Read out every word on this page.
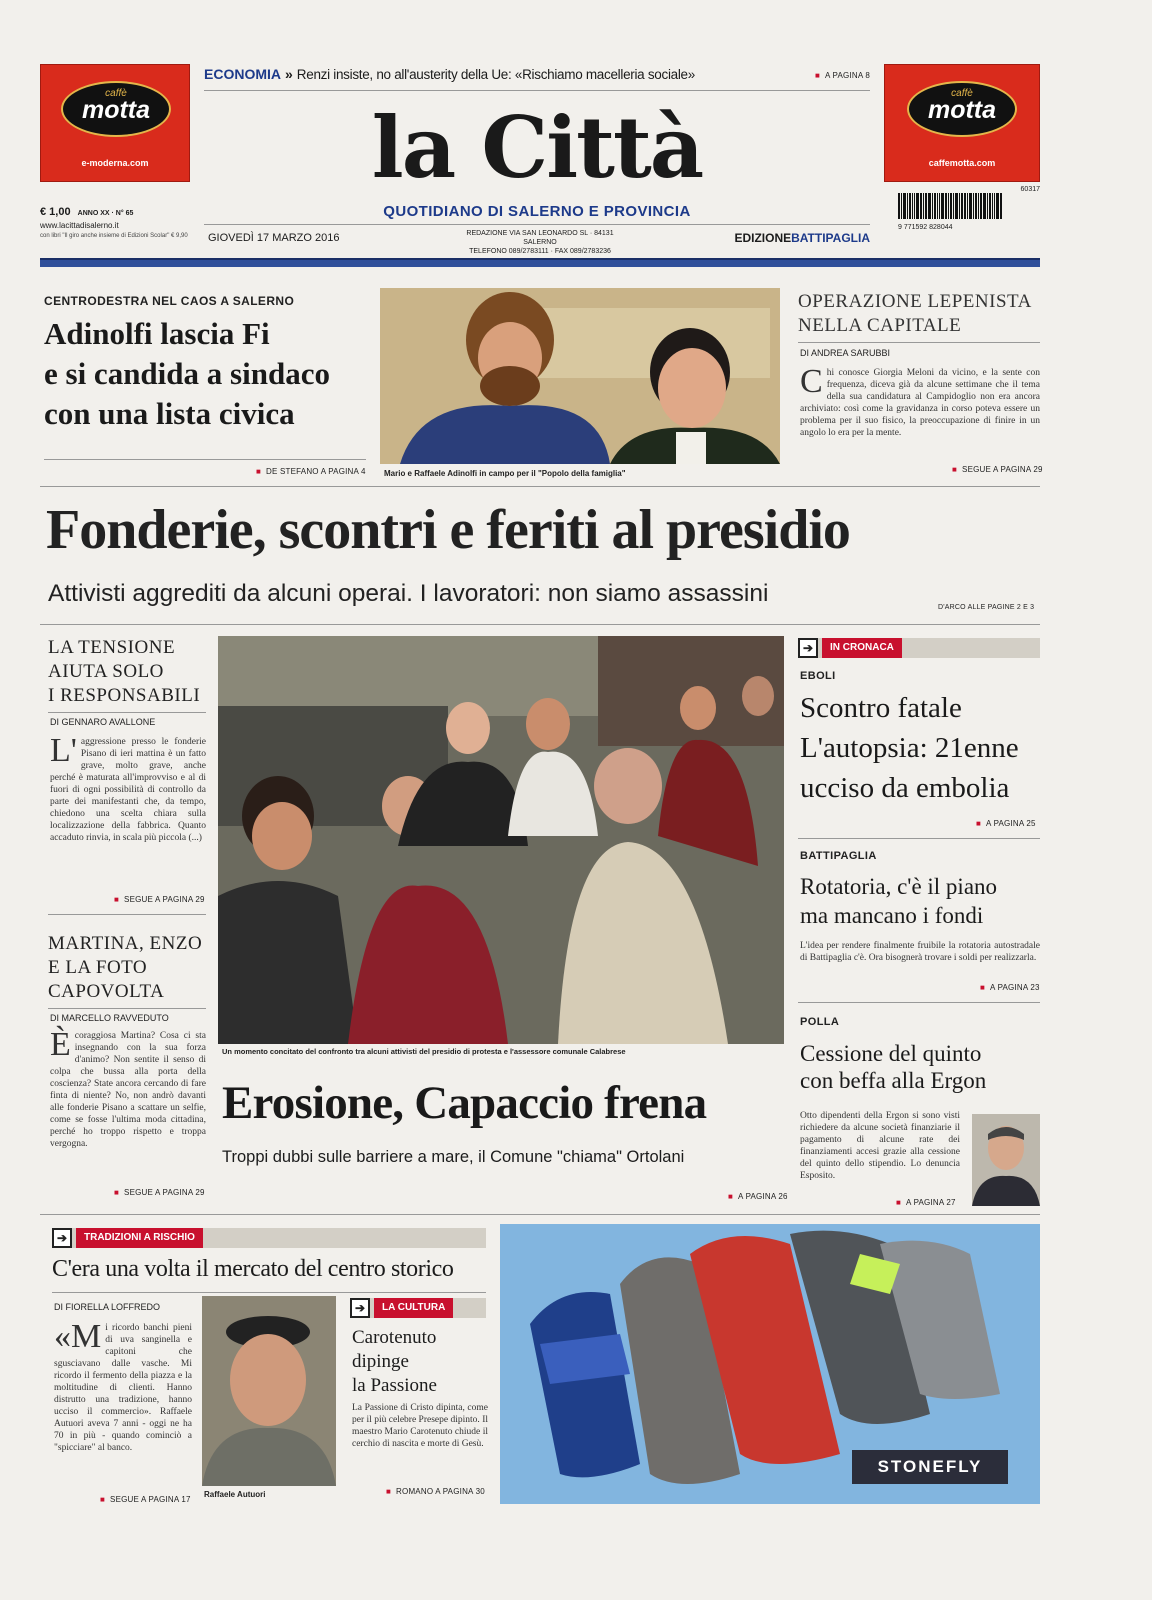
caffè
motta
e-moderna.com
€ 1,00 ANNO XX · N° 65
www.lacittadisalerno.it
con libri "Il giro anche insieme di Edizioni Scolar" € 9,90
ECONOMIA » Renzi insiste, no all'austerity della Ue: «Rischiamo macelleria sociale»
■	A PAGINA 8
la Città
QUOTIDIANO DI SALERNO E PROVINCIA
GIOVEDÌ 17 MARZO 2016	REDAZIONE VIA SAN LEONARDO SL · 84131 SALERNO
TELEFONO 089/2783111 · FAX 089/2783236
EDIZIONEBATTIPAGLIA
caffè
motta
caffemotta.com
60317
9 771592 828044
CENTRODESTRA NEL CAOS A SALERNO
Adinolfi lascia Fi
e si candida a sindaco
con una lista civica
■ DE STEFANO A PAGINA 4 Mario e Raffaele Adinolfi in campo per il "Popolo della famiglia"
OPERAZIONE LEPENISTA
NELLA CAPITALE
DI ANDREA SARUBBI
Chi conosce Giorgia Meloni da vicino, e la sente con frequenza, diceva già da alcune settimane che il tema della sua candidatura al Campidoglio non era ancora archiviato: così come la gravidanza in corso poteva essere un problema per il suo fisico, la preoccupazione di finire in un angolo lo era per la mente.
■ SEGUE A PAGINA 29
Fonderie, scontri e feriti al presidio
Attivisti aggrediti da alcuni operai. I lavoratori: non siamo assassini
D'ARCO ALLE PAGINE 2 E 3
LA TENSIONE
AIUTA SOLO
I RESPONSABILI
DI GENNARO AVALLONE
L' aggressione presso le fonderie Pisano di ieri mattina è un fatto grave, molto grave, anche perché è maturata all'improvviso e al di fuori di ogni possibilità di controllo da parte dei manifestanti che, da tempo, chiedono una scelta chiara sulla localizzazione della fabbrica. Quanto accaduto rinvia, in scala più piccola (...)
■ SEGUE A PAGINA 29
MARTINA, ENZO
E LA FOTO
CAPOVOLTA
DI MARCELLO RAVVEDUTO
Ècoraggiosa Martina? Cosa ci sta insegnando con la sua forza d'animo? Non sentite il senso di colpa che bussa alla porta della coscienza? State ancora cercando di fare finta di niente? No, non andrò davanti alle fonderie Pisano a scattare un selfie, come se fosse l'ultima moda cittadina, perché ho troppo rispetto e troppa vergogna.
■ SEGUE A PAGINA 29
Un momento concitato del confronto tra alcuni attivisti del presidio di protesta e l'assessore comunale Calabrese
Erosione, Capaccio frena
Troppi dubbi sulle barriere a mare, il Comune "chiama" Ortolani
■ A PAGINA 26
➔ IN CRONACA
EBOLI
Scontro fatale
L'autopsia: 21enne
ucciso da embolia
■ A PAGINA 25
BATTIPAGLIA
Rotatoria, c'è il piano
ma mancano i fondi
L'idea per rendere finalmente fruibile la rotatoria autostradale di Battipaglia c'è. Ora bisognerà trovare i soldi per realizzarla.
■ A PAGINA 23
POLLA
Cessione del quinto
con beffa alla Ergon
Otto dipendenti della Ergon si sono visti richiedere da alcune società finanziarie il pagamento di alcune rate dei finanziamenti accesi grazie alla cessione del quinto dello stipendio. Lo denuncia Esposito.
■ A PAGINA 27
➔ TRADIZIONI A RISCHIO
C'era una volta il mercato del centro storico
DI FIORELLA LOFFREDO
«Mi ricordo banchi pieni di uva sanginella e capitoni che sgusciavano dalle vasche. Mi ricordo il fermento della piazza e la moltitudine di clienti. Hanno distrutto una tradizione, hanno ucciso il commercio». Raffaele Autuori aveva 7 anni - oggi ne ha 70 in più - quando cominciò a "spicciare" al banco.
■ SEGUE A PAGINA 17
Raffaele Autuori
➔ LA CULTURA
Carotenuto
dipinge
la Passione
La Passione di Cristo dipinta, come per il più celebre Presepe dipinto. Il maestro Mario Carotenuto chiude il cerchio di nascita e morte di Gesù.
■ ROMANO A PAGINA 30
STONEFLY
